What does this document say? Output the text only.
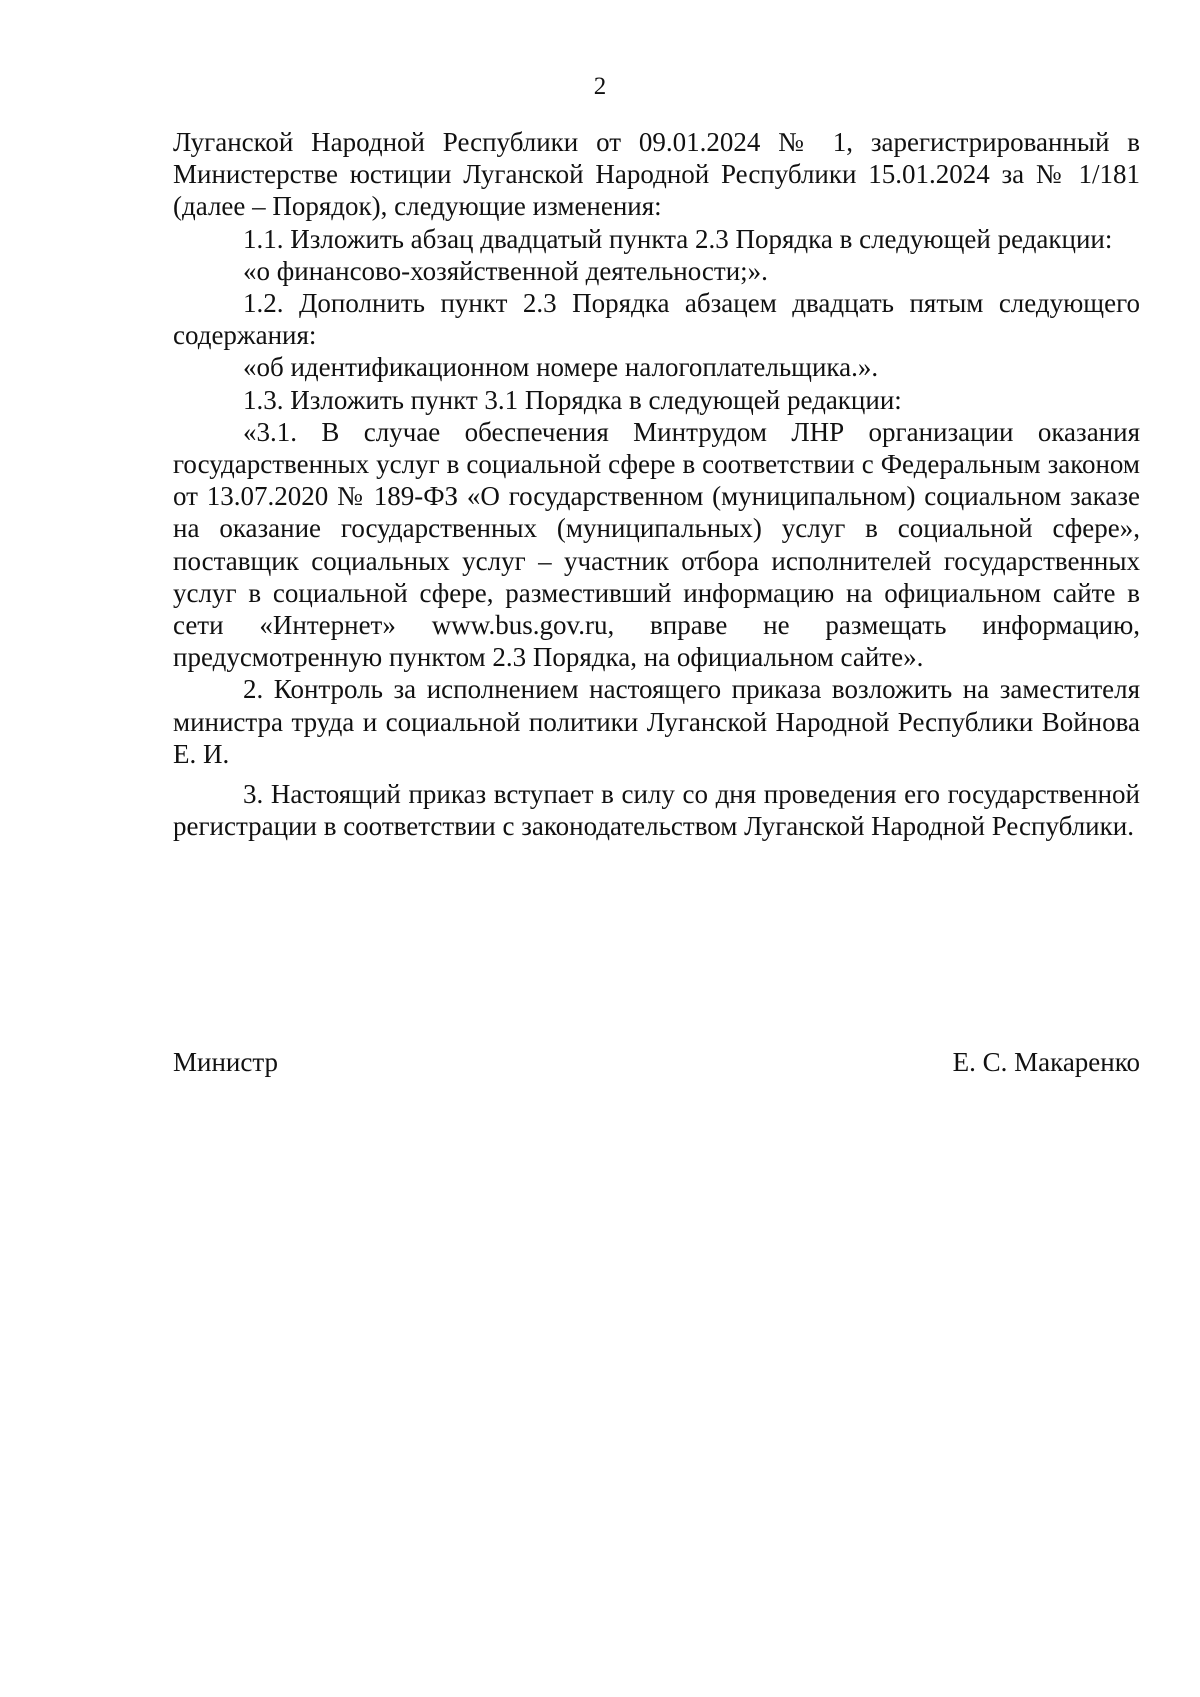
2

Луганской Народной Республики от 09.01.2024 № 1, зарегистрированный в Министерстве юстиции Луганской Народной Республики 15.01.2024 за № 1/181 (далее – Порядок), следующие изменения:

1.1. Изложить абзац двадцатый пункта 2.3 Порядка в следующей редакции:

«о финансово-хозяйственной деятельности;».

1.2. Дополнить пункт 2.3 Порядка абзацем двадцать пятым следующего содержания:

«об идентификационном номере налогоплательщика.».

1.3. Изложить пункт 3.1 Порядка в следующей редакции:

«3.1. В случае обеспечения Минтрудом ЛНР организации оказания государственных услуг в социальной сфере в соответствии с Федеральным законом от 13.07.2020 № 189-ФЗ «О государственном (муниципальном) социальном заказе на оказание государственных (муниципальных) услуг в социальной сфере», поставщик социальных услуг – участник отбора исполнителей государственных услуг в социальной сфере, разместивший информацию на официальном сайте в сети «Интернет» www.bus.gov.ru, вправе не размещать информацию, предусмотренную пунктом 2.3 Порядка, на официальном сайте».

2. Контроль за исполнением настоящего приказа возложить на заместителя министра труда и социальной политики Луганской Народной Республики Войнова Е. И.

3. Настоящий приказ вступает в силу со дня проведения его государственной регистрации в соответствии с законодательством Луганской Народной Республики.

Министр	Е. С. Макаренко
